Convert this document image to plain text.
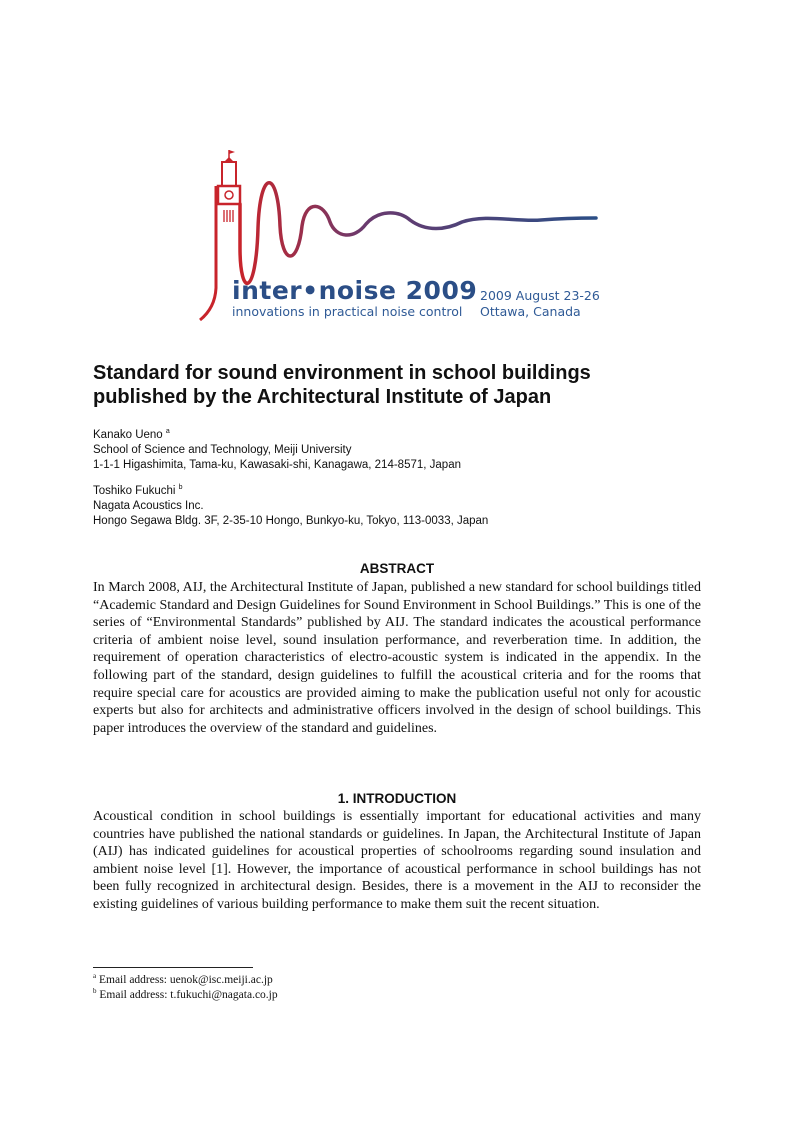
inter•noise 2009
innovations in practical noise control
2009 August 23-26
Ottawa, Canada
Standard for sound environment in school buildings
published by the Architectural Institute of Japan
Kanako Ueno $^a$
School of Science and Technology, Meiji University
1-1-1 Higashimita, Tama-ku, Kawasaki-shi, Kanagawa, 214-8571, Japan
Toshiko Fukuchi $^b$
Nagata Acoustics Inc.
Hongo Segawa Bldg. 3F, 2-35-10 Hongo, Bunkyo-ku, Tokyo, 113-0033, Japan
ABSTRACT

In March 2008, AIJ, the Architectural Institute of Japan, published a new standard for school buildings titled “Academic Standard and Design Guidelines for Sound Environment in School Buildings.” This is one of the series of “Environmental Standards” published by AIJ. The standard indicates the acoustical performance criteria of ambient noise level, sound insulation performance, and reverberation time. In addition, the requirement of operation characteristics of electro-acoustic system is indicated in the appendix. In the following part of the standard, design guidelines to fulfill the acoustical criteria and for the rooms that require special care for acoustics are provided aiming to make the publication useful not only for acoustic experts but also for architects and administrative officers involved in the design of school buildings. This paper introduces the overview of the standard and guidelines.

1. INTRODUCTION

Acoustical condition in school buildings is essentially important for educational activities and many countries have published the national standards or guidelines. In Japan, the Architectural Institute of Japan (AIJ) has indicated guidelines for acoustical properties of schoolrooms regarding sound insulation and ambient noise level [1]. However, the importance of acoustical performance in school buildings has not been fully recognized in architectural design. Besides, there is a movement in the AIJ to reconsider the existing guidelines of various building performance to make them suit the recent situation.

$^a$ Email address: uenok@isc.meiji.ac.jp
$^b$ Email address: t.fukuchi@nagata.co.jp
